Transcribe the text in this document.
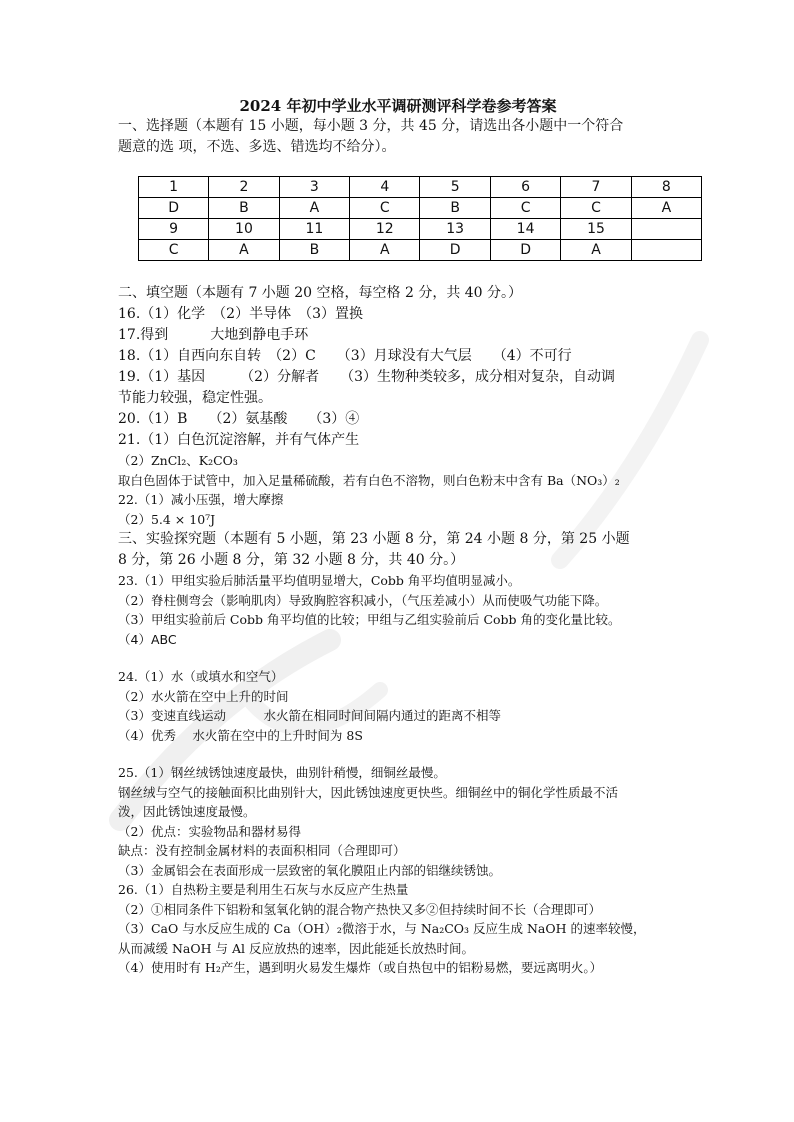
2024 年初中学业水平调研测评科学卷参考答案
一、选择题（本题有 15 小题，每小题 3 分，共 45 分，请选出各小题中一个符合
题意的选 项，不选、多选、错选均不给分）。
1	2	3	4	5	6	7	8
D	B	A	C	B	C	C	A
9	10	11	12	13	14	15	
C	A	B	A	D	D	A	
二、填空题（本题有 7 小题 20 空格，每空格 2 分，共 40 分。）
16.（1）化学　（2）半导体　（3）置换
17.得到　　　大地到静电手环
18.（1）自西向东自转　（2）C　　（3）月球没有大气层　　（4）不可行
19.（1）基因　　　（2）分解者　　（3）生物种类较多，成分相对复杂，自动调
节能力较强，稳定性强。
20.（1）B　　（2）氨基酸　　（3）④
21.（1）白色沉淀溶解，并有气体产生
（2）ZnCl₂、K₂CO₃
取白色固体于试管中，加入足量稀硫酸，若有白色不溶物，则白色粉末中含有 Ba（NO₃）₂
22.（1）减小压强，增大摩擦
（2）5.4 × 10⁷J
三、实验探究题（本题有 5 小题，第 23 小题 8 分，第 24 小题 8 分，第 25 小题
8 分，第 26 小题 8 分，第 32 小题 8 分，共 40 分。）
23.（1）甲组实验后肺活量平均值明显增大，Cobb 角平均值明显减小。
（2）脊柱侧弯会（影响肌肉）导致胸腔容积减小，（气压差减小）从而使吸气功能下降。
（3）甲组实验前后 Cobb 角平均值的比较；甲组与乙组实验前后 Cobb 角的变化量比较。
（4）ABC
24.（1）水（或填水和空气）
（2）水火箭在空中上升的时间
（3）变速直线运动　　　水火箭在相同时间间隔内通过的距离不相等
（4）优秀　 水火箭在空中的上升时间为 8S
25.（1）钢丝绒锈蚀速度最快，曲别针稍慢，细铜丝最慢。
钢丝绒与空气的接触面积比曲别针大，因此锈蚀速度更快些。细铜丝中的铜化学性质最不活
泼，因此锈蚀速度最慢。
（2）优点：实验物品和器材易得
缺点：没有控制金属材料的表面积相同（合理即可）
（3）金属铝会在表面形成一层致密的氧化膜阻止内部的铝继续锈蚀。
26.（1）自热粉主要是利用生石灰与水反应产生热量
（2）①相同条件下铝粉和氢氧化钠的混合物产热快又多②但持续时间不长（合理即可）
（3）CaO 与水反应生成的 Ca（OH）₂微溶于水，与 Na₂CO₃ 反应生成 NaOH 的速率较慢，
从而减缓 NaOH 与 Al 反应放热的速率，因此能延长放热时间。
（4）使用时有 H₂产生，遇到明火易发生爆炸（或自热包中的铝粉易燃，要远离明火。）
